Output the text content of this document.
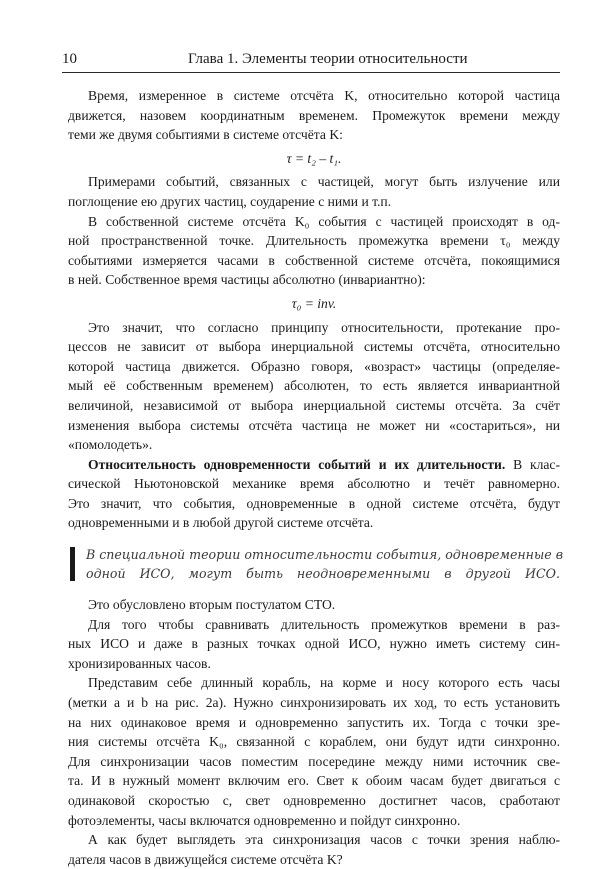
10	Глава 1. Элементы теории относительности

Время, измеренное в системе отсчёта K, относительно которой частица
движется, назовем координатным временем. Промежуток времени между
теми же двумя событиями в системе отсчёта K:

τ = t₂ – t₁.

Примерами событий, связанных с частицей, могут быть излучение или
поглощение ею других частиц, соударение с ними и т.п.

В собственной системе отсчёта K₀ события с частицей происходят в од-
ной пространственной точке. Длительность промежутка времени τ₀ между
событиями измеряется часами в собственной системе отсчёта, покоящимися
в ней. Собственное время частицы абсолютно (инвариантно):

τ₀ = inv.

Это значит, что согласно принципу относительности, протекание про-
цессов не зависит от выбора инерциальной системы отсчёта, относительно
которой частица движется. Образно говоря, «возраст» частицы (определяе-
мый её собственным временем) абсолютен, то есть является инвариантной
величиной, независимой от выбора инерциальной системы отсчёта. За счёт
изменения выбора системы отсчёта частица не может ни «состариться», ни
«помолодеть».

Относительность одновременности событий и их длительности. В клас-
сической Ньютоновской механике время абсолютно и течёт равномерно.
Это значит, что события, одновременные в одной системе отсчёта, будут
одновременными и в любой другой системе отсчёта.

В специальной теории относительности события, одновременные в
одной ИСО, могут быть неодновременными в другой ИСО.

Это обусловлено вторым постулатом СТО.

Для того чтобы сравнивать длительность промежутков времени в раз-
ных ИСО и даже в разных точках одной ИСО, нужно иметь систему син-
хронизированных часов.

Представим себе длинный корабль, на корме и носу которого есть часы
(метки a и b на рис. 2а). Нужно синхронизировать их ход, то есть установить
на них одинаковое время и одновременно запустить их. Тогда с точки зре-
ния системы отсчёта K₀, связанной с кораблем, они будут идти синхронно.
Для синхронизации часов поместим посередине между ними источник све-
та. И в нужный момент включим его. Свет к обоим часам будет двигаться с
одинаковой скоростью c, свет одновременно достигнет часов, сработают
фотоэлементы, часы включатся одновременно и пойдут синхронно.

А как будет выглядеть эта синхронизация часов с точки зрения наблю-
дателя часов в движущейся системе отсчёта K?
